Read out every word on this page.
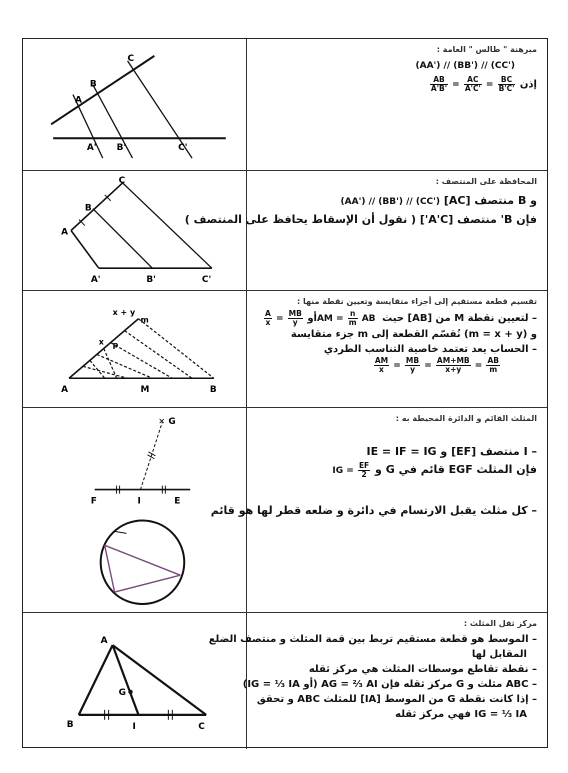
A
B
C
A' B'	C'
مبرهنة " طالس " العامة :
(AA') // (BB') // (CC')
إذن
$\frac{AB}{A'B'} = \frac{AC}{A'C'} = \frac{BC}{B'C'}$
A
B
C
A'	B'	C'
المحافظة على المنتصف :
و B منتصف [AC] (AA') // (BB') // (CC')
فإن B' منتصف [A'C'] ( نقول أن الإسقاط يحافظ على المنتصف )
x + y
m
x p
A	M	B
تقسيم قطعة مستقيم إلى أجزاء متقايسة وتعيين نقطة منها :
– لتعيين نقطة M من [AB] حيث AM = $\frac{n}{m}$ AB أو
$\frac{A}{x} = \frac{MB}{y}$
و (m = x + y) نُقسّم القطعة إلى m جزء متقايسة
– الحساب يعد تعتمد خاصية التناسب الطردي
$\frac{AM}{x} = \frac{MB}{y} = \frac{AM+MB}{x+y} = \frac{AB}{m}$
✕ G
F	I	E
المثلث القائم و الدائرة المحيطة به :
– I منتصف [EF] و IE = IF = IG
فإن المثلث EGF قائم في G و IG = $\frac{EF}{2}$
– كل مثلث يقبل الارتسام في دائرة و ضلعه قطر لها هو قائم
A
G
B	I	C
مركز ثقل المثلث :
– الموسط هو قطعة مستقيم تربط بين قمة المثلث و منتصف الضلع
المقابل لها
– نقطة تقاطع موسطات المثلث هي مركز ثقله
– ABC مثلث و G مركز ثقله فإن AG = ⅔ AI (أو IG = ⅓ IA)
– إذا كانت نقطة G من الموسط [IA] للمثلث ABC و تحقق
IG = ⅓ IA فهي مركز ثقله
